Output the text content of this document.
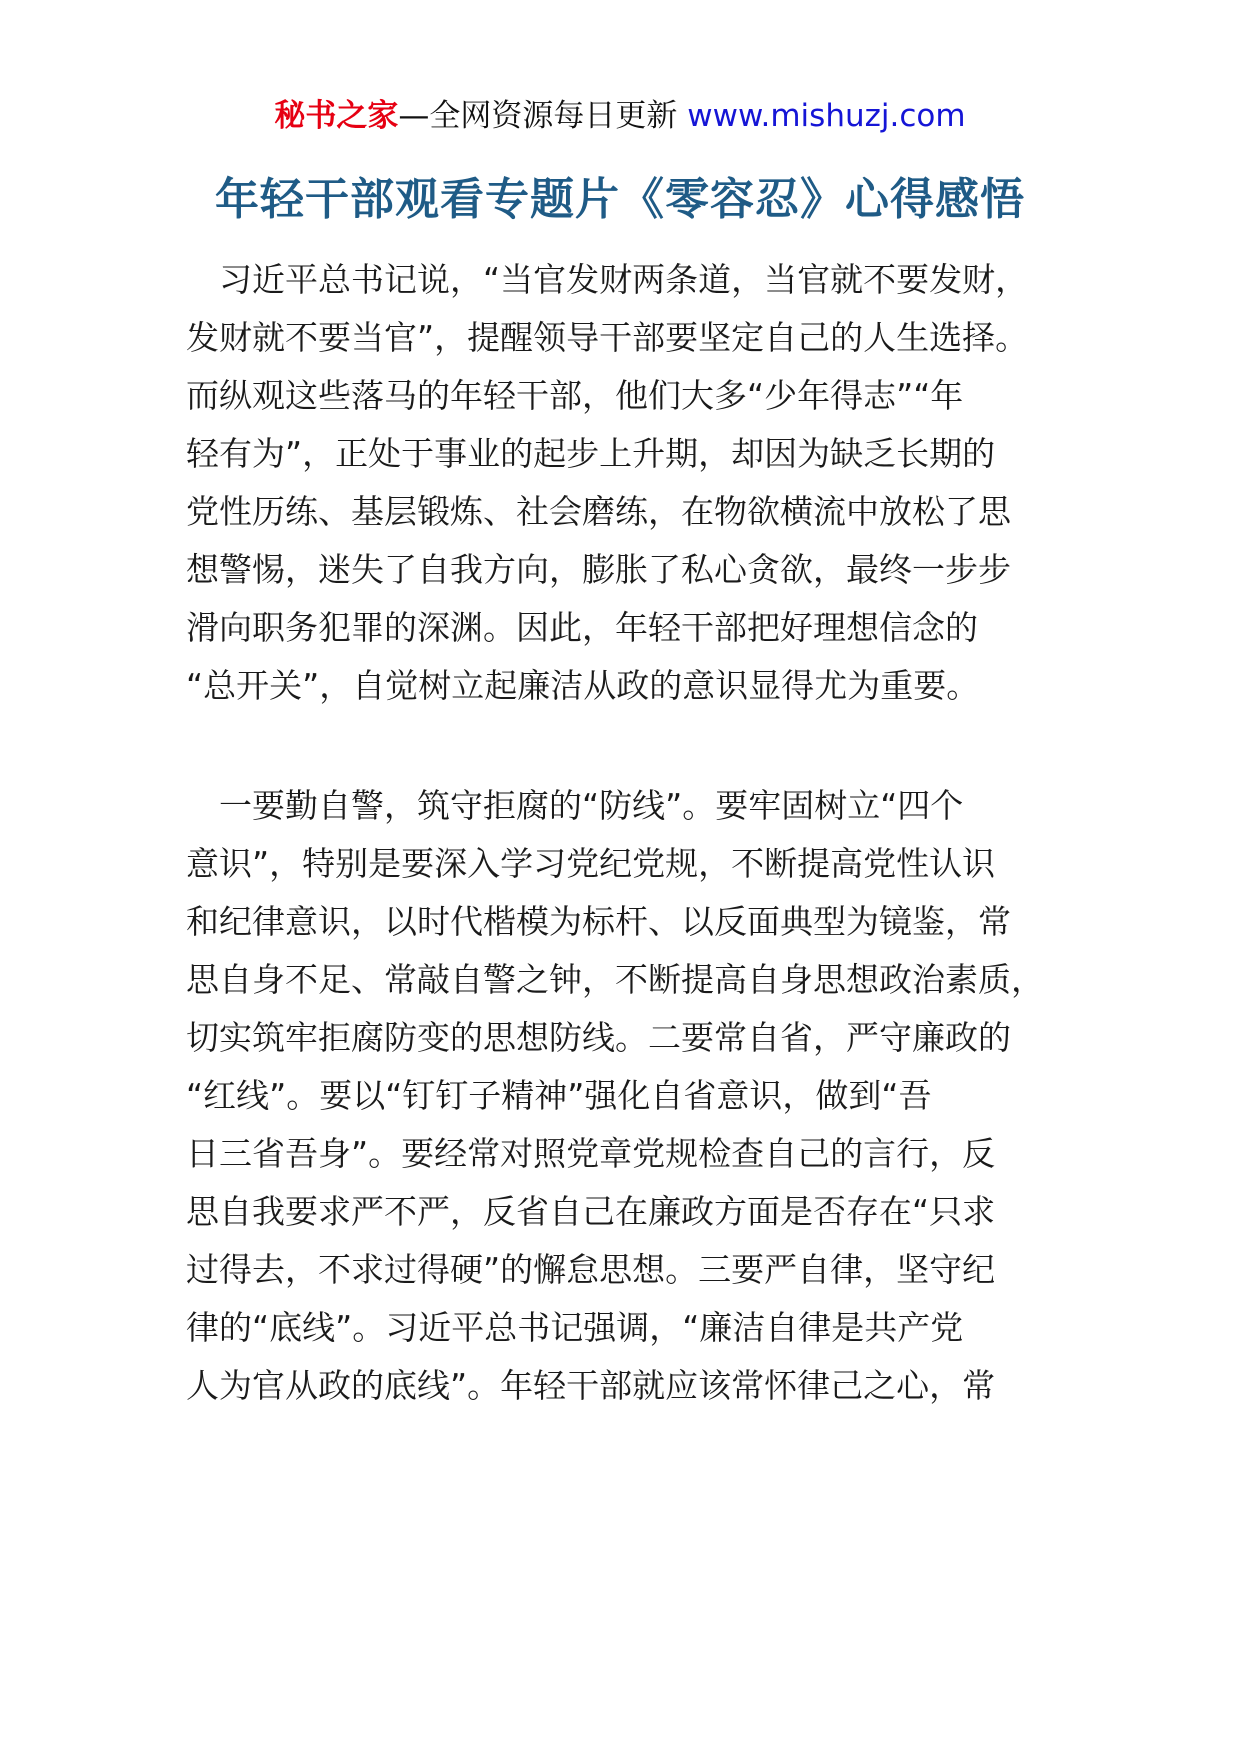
秘书之家—全网资源每日更新 www.mishuzj.com
年轻干部观看专题片《零容忍》心得感悟
　习近平总书记说，“当官发财两条道，当官就不要发财，
发财就不要当官”，提醒领导干部要坚定自己的人生选择。
而纵观这些落马的年轻干部，他们大多“少年得志”“年
轻有为”，正处于事业的起步上升期，却因为缺乏长期的
党性历练、基层锻炼、社会磨练，在物欲横流中放松了思
想警惕，迷失了自我方向，膨胀了私心贪欲，最终一步步
滑向职务犯罪的深渊。因此，年轻干部把好理想信念的
“总开关”，自觉树立起廉洁从政的意识显得尤为重要。
　一要勤自警，筑守拒腐的“防线”。要牢固树立“四个
意识”，特别是要深入学习党纪党规，不断提高党性认识
和纪律意识，以时代楷模为标杆、以反面典型为镜鉴，常
思自身不足、常敲自警之钟，不断提高自身思想政治素质，
切实筑牢拒腐防变的思想防线。二要常自省，严守廉政的
“红线”。要以“钉钉子精神”强化自省意识，做到“吾
日三省吾身”。要经常对照党章党规检查自己的言行，反
思自我要求严不严，反省自己在廉政方面是否存在“只求
过得去，不求过得硬”的懈怠思想。三要严自律，坚守纪
律的“底线”。习近平总书记强调，“廉洁自律是共产党
人为官从政的底线”。年轻干部就应该常怀律己之心，常
